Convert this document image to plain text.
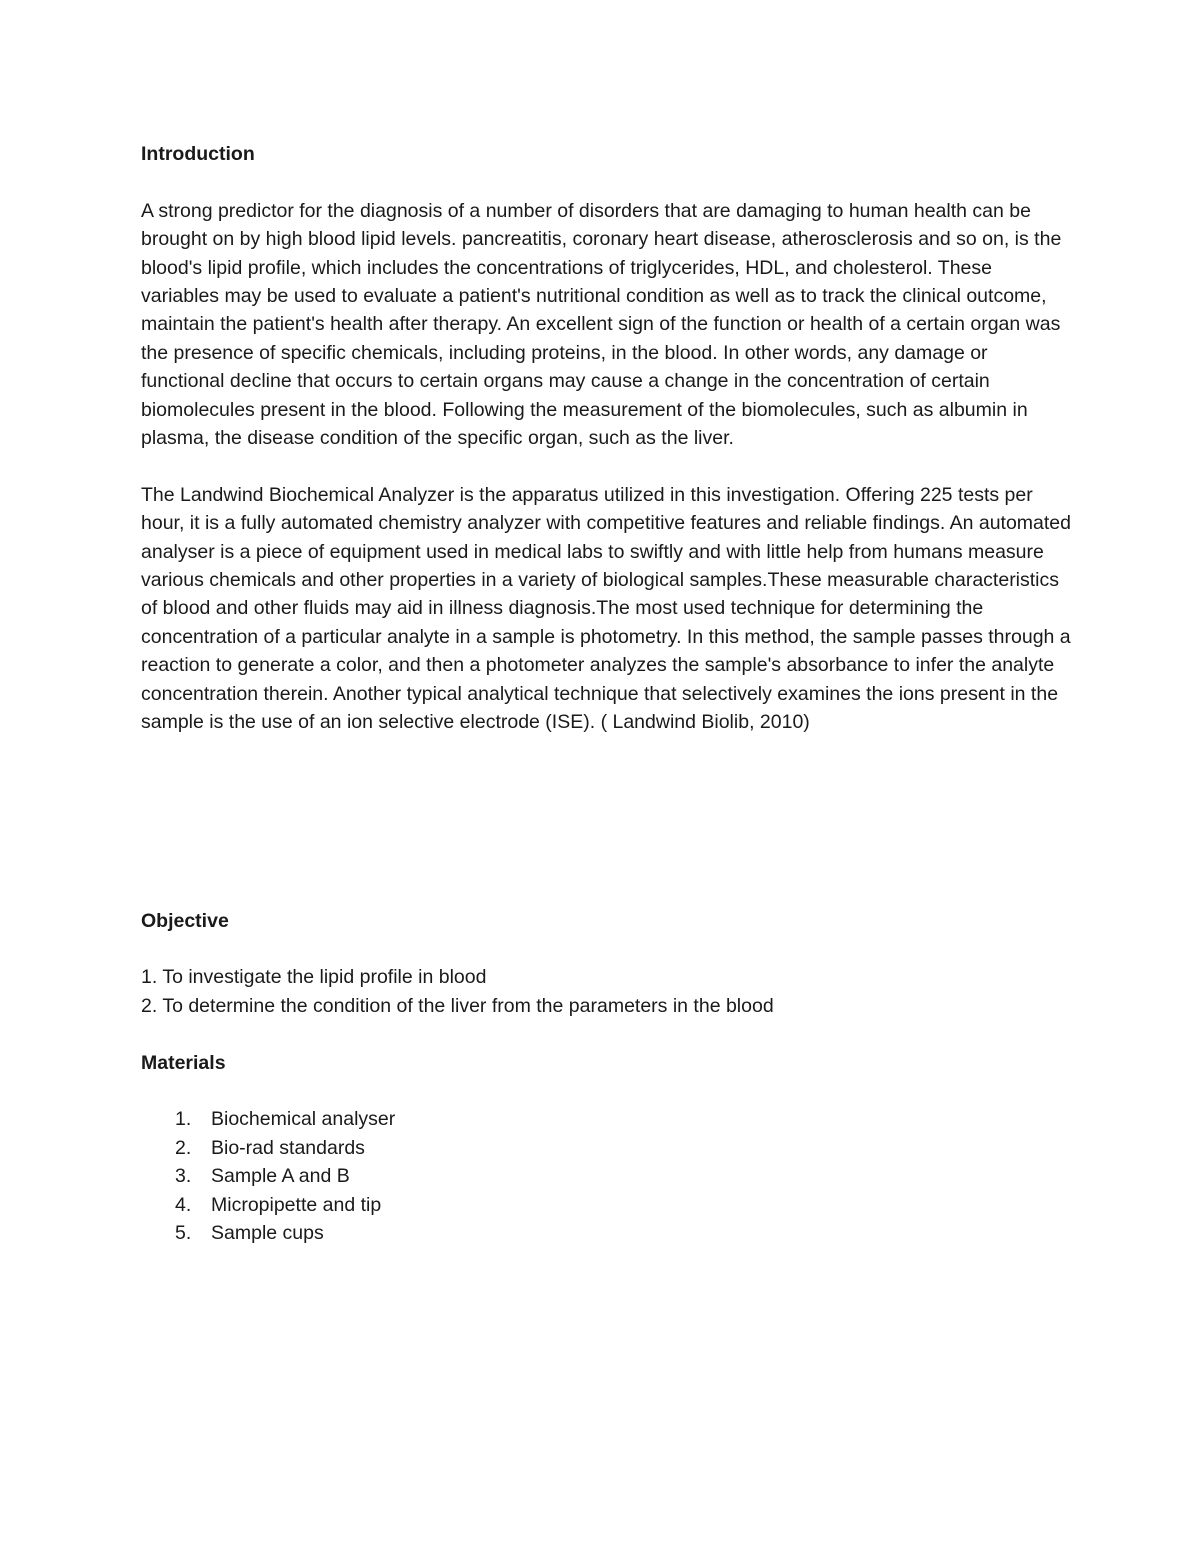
Introduction

A strong predictor for the diagnosis of a number of disorders that are damaging to human health can be brought on by high blood lipid levels. pancreatitis, coronary heart disease, atherosclerosis and so on, is the blood's lipid profile, which includes the concentrations of triglycerides, HDL, and cholesterol. These variables may be used to evaluate a patient's nutritional condition as well as to track the clinical outcome, maintain the patient's health after therapy. An excellent sign of the function or health of a certain organ was the presence of specific chemicals, including proteins, in the blood. In other words, any damage or functional decline that occurs to certain organs may cause a change in the concentration of certain biomolecules present in the blood. Following the measurement of the biomolecules, such as albumin in plasma, the disease condition of the specific organ, such as the liver.

The Landwind Biochemical Analyzer is the apparatus utilized in this investigation. Offering 225 tests per hour, it is a fully automated chemistry analyzer with competitive features and reliable findings. An automated analyser is a piece of equipment used in medical labs to swiftly and with little help from humans measure various chemicals and other properties in a variety of biological samples.These measurable characteristics of blood and other fluids may aid in illness diagnosis.The most used technique for determining the concentration of a particular analyte in a sample is photometry. In this method, the sample passes through a reaction to generate a color, and then a photometer analyzes the sample's absorbance to infer the analyte concentration therein. Another typical analytical technique that selectively examines the ions present in the sample is the use of an ion selective electrode (ISE). ( Landwind Biolib, 2010)

Objective
1. To investigate the lipid profile in blood
2. To determine the condition of the liver from the parameters in the blood
Materials
1.	Biochemical analyser
2.	Bio-rad standards
3.	Sample A and B
4.	Micropipette and tip
5.	Sample cups
